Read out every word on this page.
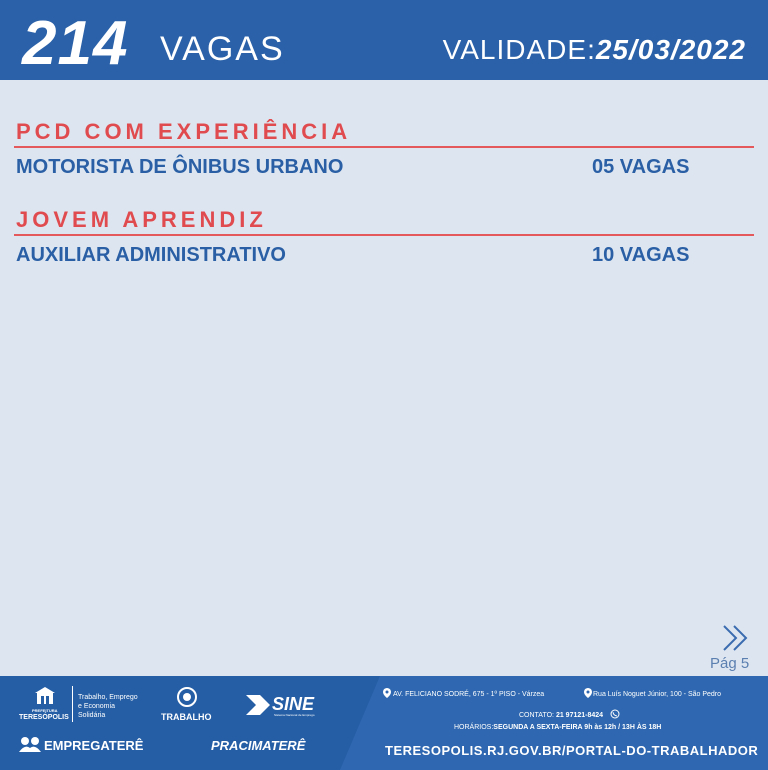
214 VAGAS	VALIDADE:25/03/2022
PCD COM EXPERIÊNCIA
MOTORISTA DE ÔNIBUS URBANO	05 VAGAS
JOVEM APRENDIZ
AUXILIAR ADMINISTRATIVO	10 VAGAS
Pág 5
PREFEITURA
TERESÓPOLIS
Trabalho, Emprego
e Economia
Solidária	TRABALHO
SINE
Sistema Nacional de Emprego
EMPREGATERÊ	PRACIMATERÊ
AV. FELICIANO SODRÉ, 675 - 1º PISO - Várzea	Rua Luís Noguet Júnior, 100 - São Pedro
CONTATO: 21 97121-8424
HORÁRIOS:SEGUNDA A SEXTA-FEIRA 9h às 12h / 13H ÀS 18H
TERESOPOLIS.RJ.GOV.BR/PORTAL-DO-TRABALHADOR
